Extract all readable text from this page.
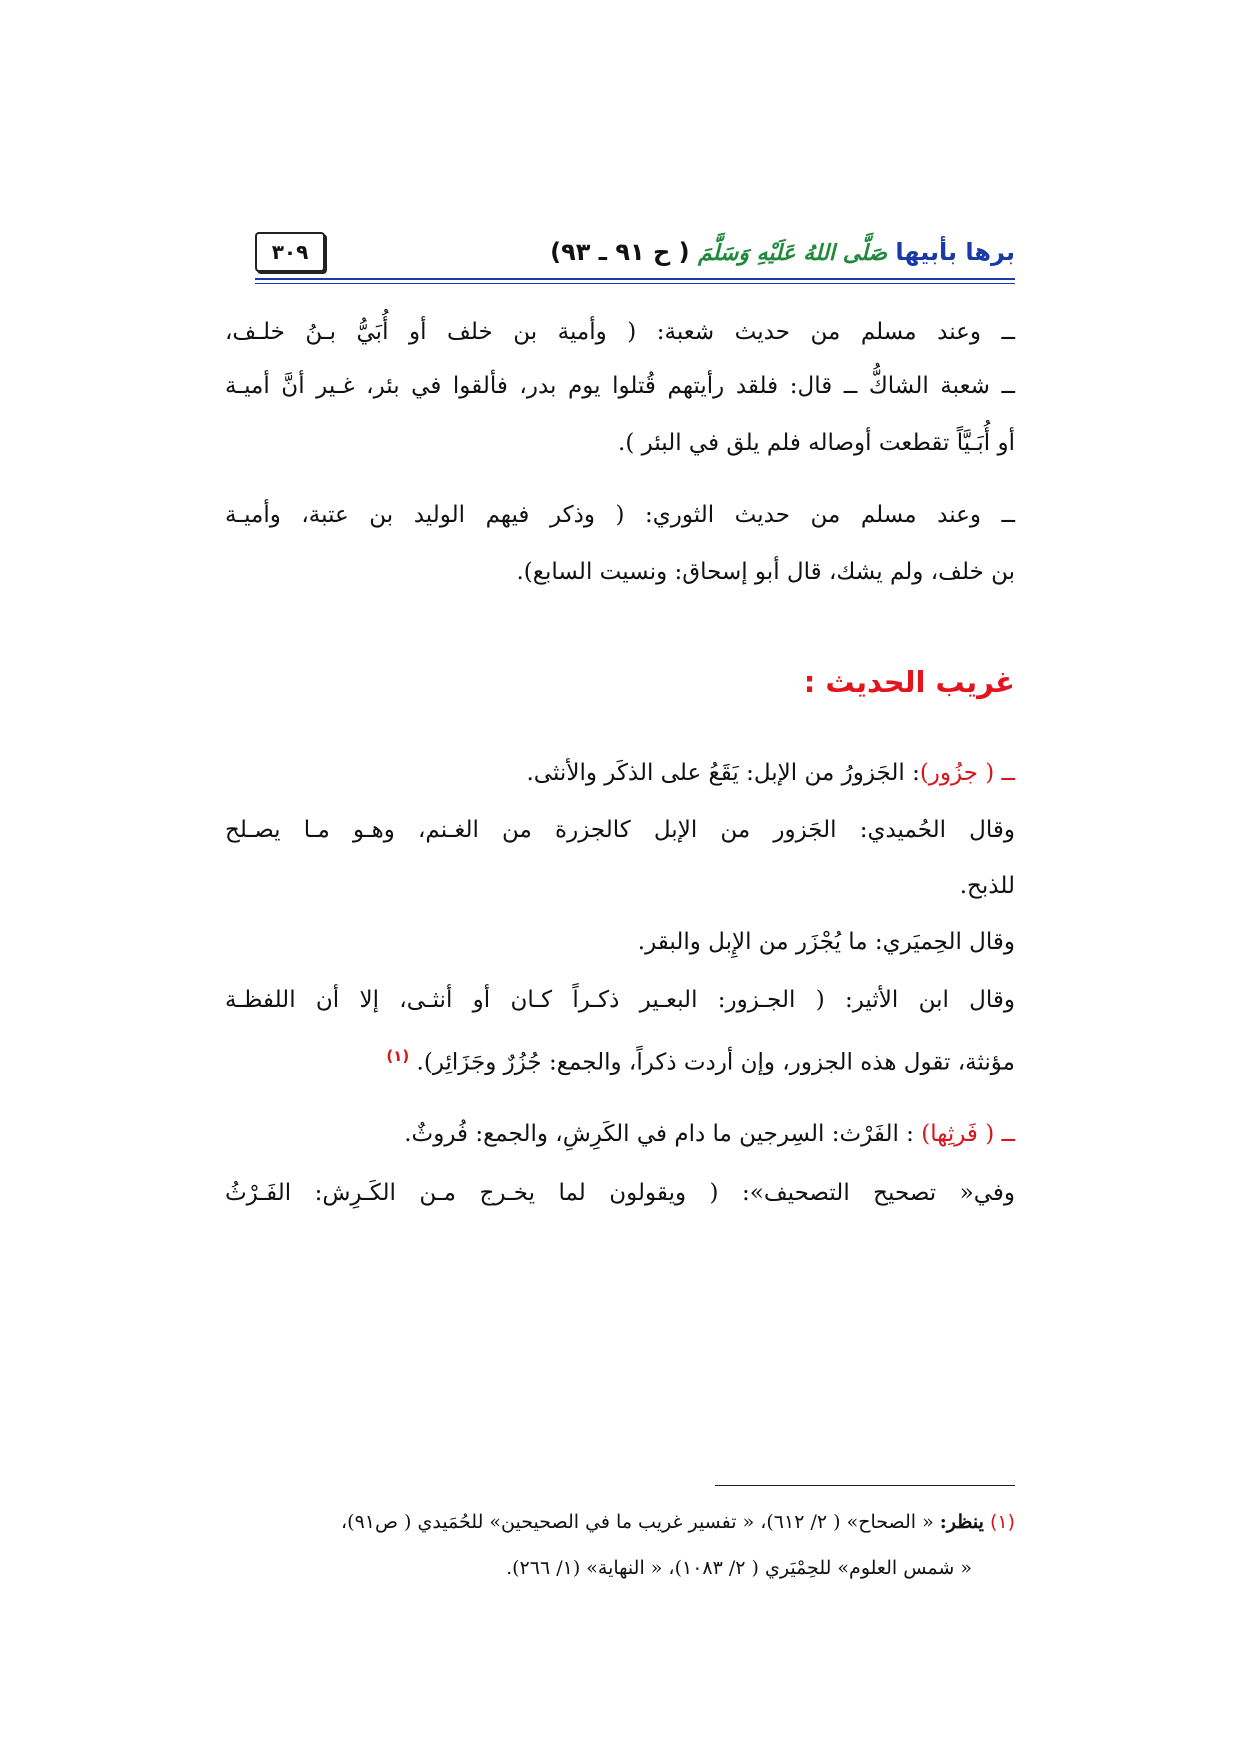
برها بأبيها صَلَّى اللهُ عَلَيْهِ وَسَلَّمَ ( ح ٩١ ـ ٩٣)
٣٠٩
ــ وعند مسلم من حديث شعبة: ( وأمية بن خلف أو أُبَيُّ بـنُ خلـف،
ــ شعبة الشاكُّ ــ قال: فلقد رأيتهم قُتلوا يوم بدر، فألقوا في بئر، غـير أنَّ أميـة
أو أُبَـيَّاً تقطعت أوصاله فلم يلق في البئر ).
ــ وعند مسلم من حديث الثوري: ( وذكر فيهم الوليد بن عتبة، وأميـة
بن خلف، ولم يشك، قال أبو إسحاق: ونسيت السابع).
غريب الحديث :
ــ ( جزُور): الجَزورُ من الإبل: يَقَعُ على الذكَر والأنثى.
وقال الحُميدي: الجَزور من الإبل كالجزرة من الغـنم، وهـو مـا يصـلح
للذبح.
وقال الحِميَري: ما يُجْزَر من الإِبل والبقر.
وقال ابن الأثير: ( الجـزور: البعـير ذكـراً كـان أو أنثـى، إلا أن اللفظـة
مؤنثة، تقول هذه الجزور، وإن أردت ذكراً، والجمع: جُزُرٌ وجَزَائِر). $^{(١)}$
ــ ( فَرثِها) : الفَرْث: السِرجين ما دام في الكَرِشِ، والجمع: فُروثٌ.
وفي« تصحيح التصحيف»: ( ويقولون لما يخـرج مـن الكَـرِش: الفَـرْثُ
(١) ينظر: « الصحاح» ( ٢/ ٦١٢)، « تفسير غريب ما في الصحيحين» للحُمَيدي ( ص٩١)،
« شمس العلوم» للحِمْيَري ( ٢/ ١٠٨٣)، « النهاية» (١/ ٢٦٦).
